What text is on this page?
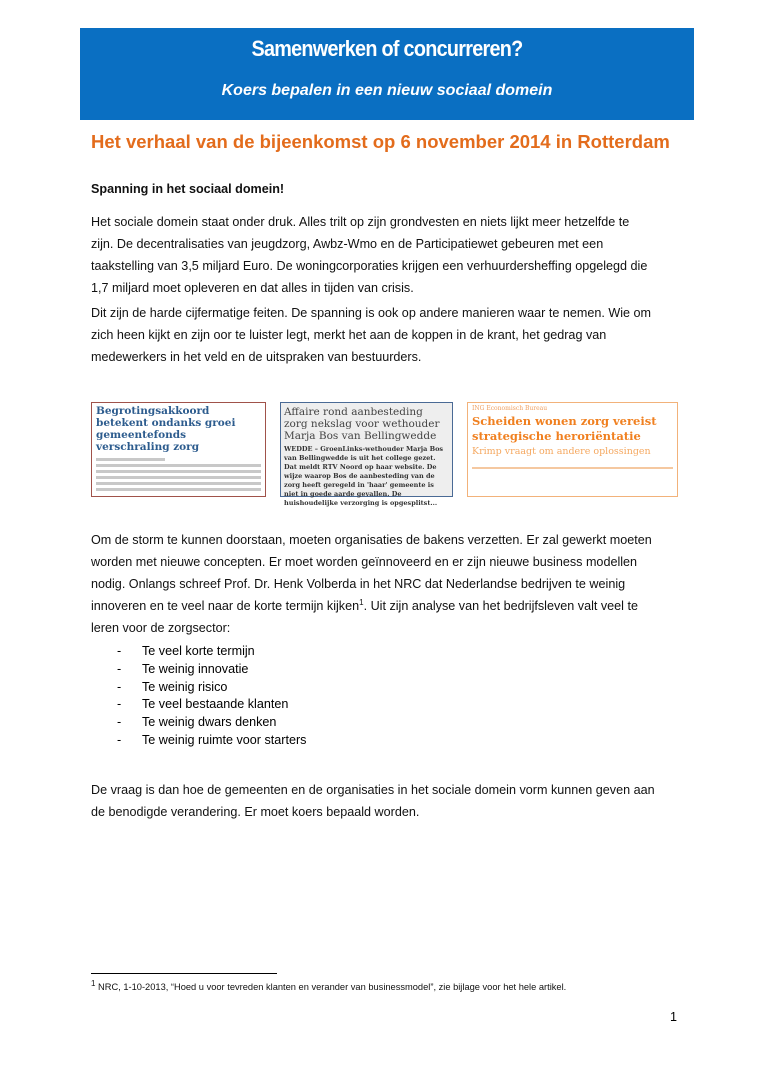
Samenwerken of concurreren?
Koers bepalen in een nieuw sociaal domein
Het verhaal van de bijeenkomst op 6 november 2014 in Rotterdam
Spanning in het sociaal domein!
Het sociale domein staat onder druk. Alles trilt op zijn grondvesten en niets lijkt meer hetzelfde te
zijn. De decentralisaties van jeugdzorg, Awbz-Wmo en de Participatiewet gebeuren met een
taakstelling van 3,5 miljard Euro. De woningcorporaties krijgen een verhuurdersheffing opgelegd die
1,7 miljard moet opleveren en dat alles in tijden van crisis.
Dit zijn de harde cijfermatige feiten. De spanning is ook op andere manieren waar te nemen. Wie om
zich heen kijkt en zijn oor te luister legt, merkt het aan de koppen in de krant, het gedrag van
medewerkers in het veld en de uitspraken van bestuurders.
Begrotingsakkoord betekent ondanks groei gemeentefonds verschraling zorg
Affaire rond aanbesteding zorg nekslag voor wethouder Marja Bos van Bellingwedde
WEDDE – GroenLinks-wethouder Marja Bos van Bellingwedde is uit het college gezet. Dat meldt RTV Noord op haar website. De wijze waarop Bos de aanbesteding van de zorg heeft geregeld in 'haar' gemeente is niet in goede aarde gevallen. De huishoudelijke verzorging is opgesplitst...
ING Economisch Bureau
Scheiden wonen zorg vereist strategische heroriëntatie
Krimp vraagt om andere oplossingen
Om de storm te kunnen doorstaan, moeten organisaties de bakens verzetten. Er zal gewerkt moeten
worden met nieuwe concepten. Er moet worden geïnnoveerd en er zijn nieuwe business modellen
nodig. Onlangs schreef Prof. Dr. Henk Volberda in het NRC dat Nederlandse bedrijven te weinig
innoveren en te veel naar de korte termijn kijken$^1$. Uit zijn analyse van het bedrijfsleven valt veel te
leren voor de zorgsector:
- Te veel korte termijn
- Te weinig innovatie
- Te weinig risico
- Te veel bestaande klanten
- Te weinig dwars denken
- Te weinig ruimte voor starters
De vraag is dan hoe de gemeenten en de organisaties in het sociale domein vorm kunnen geven aan
de benodigde verandering. Er moet koers bepaald worden.
$^1$ NRC, 1-10-2013, “Hoed u voor tevreden klanten en verander van businessmodel”, zie bijlage voor het hele artikel.
1
